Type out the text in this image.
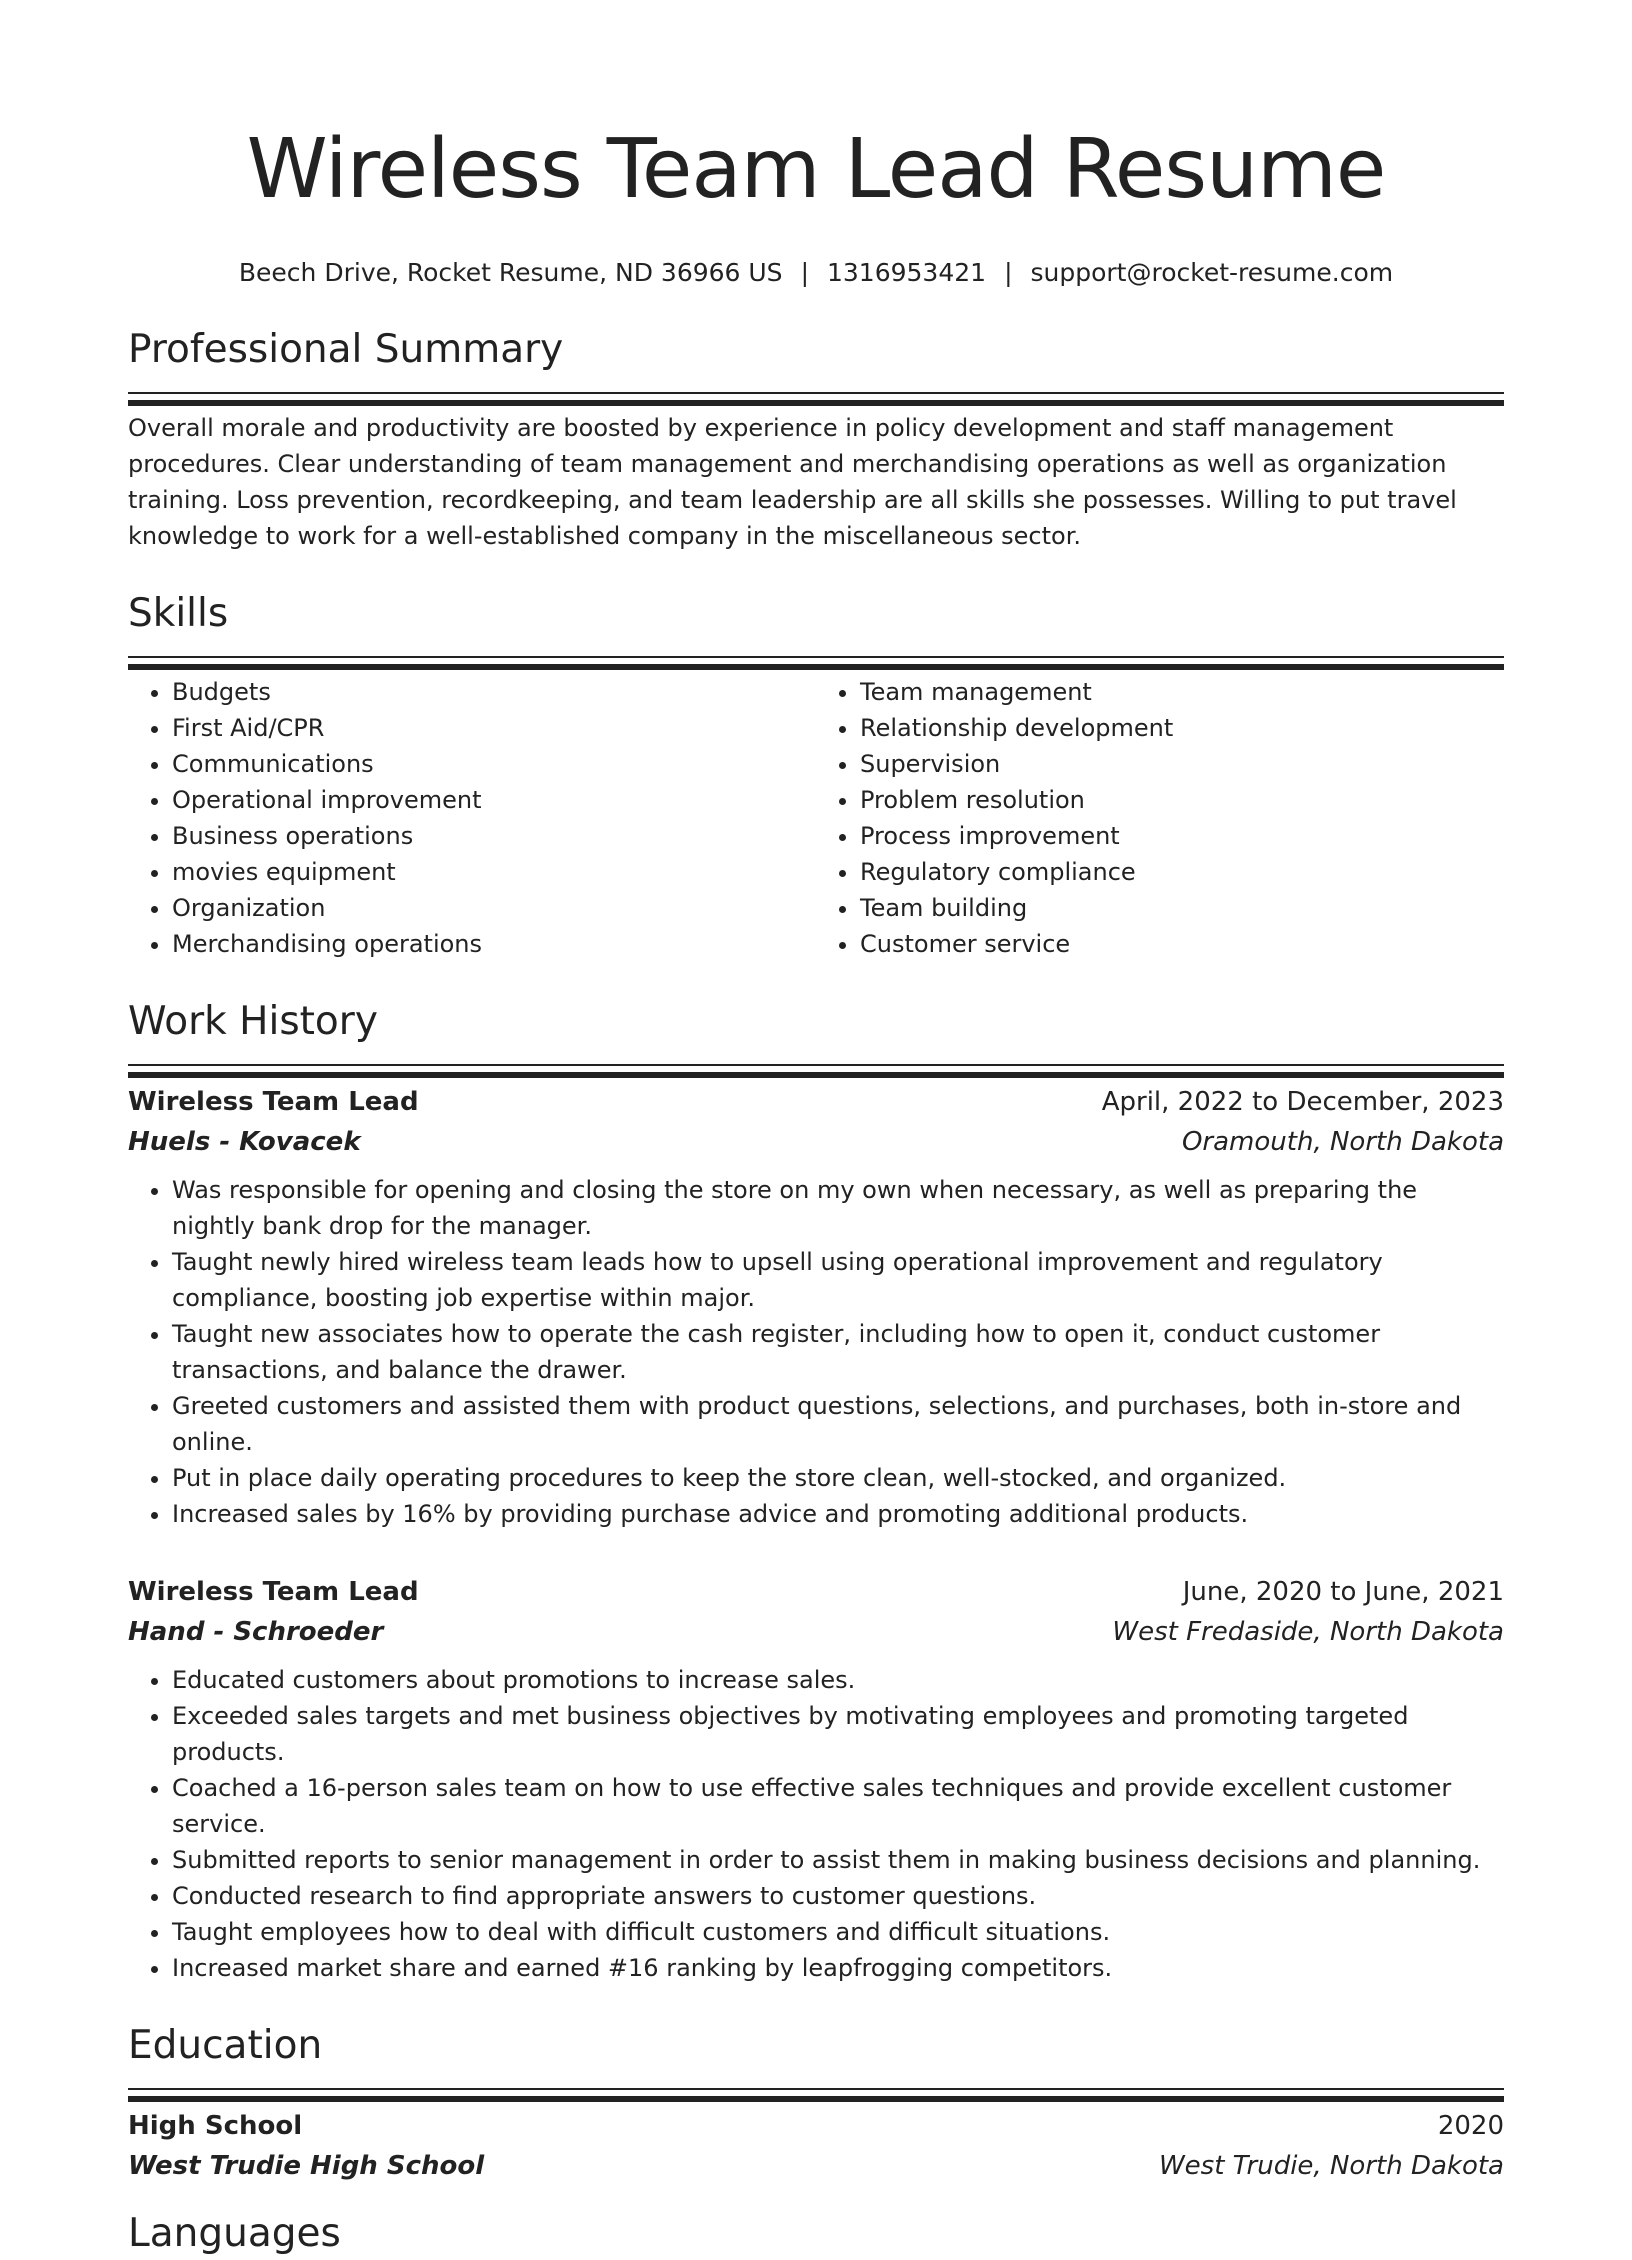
Wireless Team Lead Resume
Beech Drive, Rocket Resume, ND 36966 US | 1316953421 | support@rocket-resume.com
Professional Summary

Overall morale and productivity are boosted by experience in policy development and staff management procedures. Clear understanding of team management and merchandising operations as well as organization training. Loss prevention, recordkeeping, and team leadership are all skills she possesses. Willing to put travel knowledge to work for a well-established company in the miscellaneous sector.

Skills
• Budgets
• First Aid/CPR
• Communications
• Operational improvement
• Business operations
• movies equipment
• Organization
• Merchandising operations
• Team management
• Relationship development
• Supervision
• Problem resolution
• Process improvement
• Regulatory compliance
• Team building
• Customer service
Work History
Wireless Team Lead	April, 2022 to December, 2023
Huels - Kovacek	Oramouth, North Dakota
• Was responsible for opening and closing the store on my own when necessary, as well as preparing the nightly bank drop for the manager.
• Taught newly hired wireless team leads how to upsell using operational improvement and regulatory compliance, boosting job expertise within major.
• Taught new associates how to operate the cash register, including how to open it, conduct customer transactions, and balance the drawer.
• Greeted customers and assisted them with product questions, selections, and purchases, both in-store and online.
• Put in place daily operating procedures to keep the store clean, well-stocked, and organized.
• Increased sales by 16% by providing purchase advice and promoting additional products.
Wireless Team Lead	June, 2020 to June, 2021
Hand - Schroeder	West Fredaside, North Dakota
• Educated customers about promotions to increase sales.
• Exceeded sales targets and met business objectives by motivating employees and promoting targeted products.
• Coached a 16-person sales team on how to use effective sales techniques and provide excellent customer service.
• Submitted reports to senior management in order to assist them in making business decisions and planning.
• Conducted research to find appropriate answers to customer questions.
• Taught employees how to deal with difficult customers and difficult situations.
• Increased market share and earned #16 ranking by leapfrogging competitors.
Education
High School	2020
West Trudie High School	West Trudie, North Dakota
Languages
